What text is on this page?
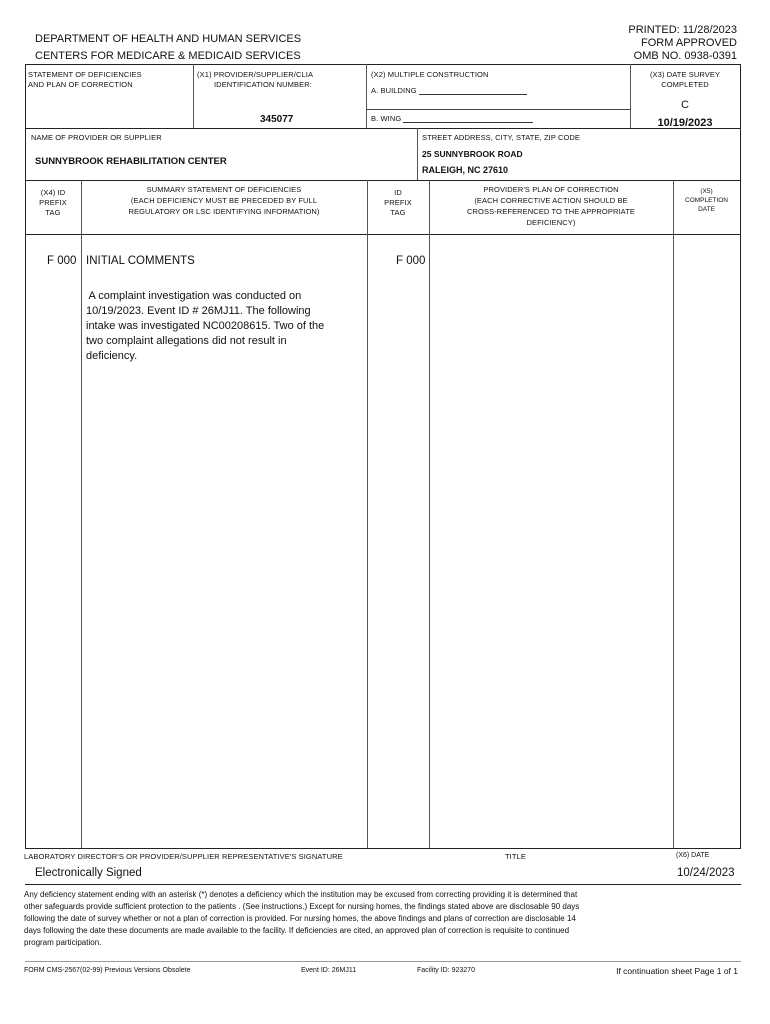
DEPARTMENT OF HEALTH AND HUMAN SERVICES
CENTERS FOR MEDICARE & MEDICAID SERVICES
PRINTED: 11/28/2023
FORM APPROVED
OMB NO. 0938-0391
STATEMENT OF DEFICIENCIES
AND PLAN OF CORRECTION
(X1) PROVIDER/SUPPLIER/CLIA
IDENTIFICATION NUMBER:
345077
(X2) MULTIPLE CONSTRUCTION
A. BUILDING
B. WING
(X3) DATE SURVEY
COMPLETED
C
10/19/2023
NAME OF PROVIDER OR SUPPLIER
SUNNYBROOK REHABILITATION CENTER
STREET ADDRESS, CITY, STATE, ZIP CODE
25 SUNNYBROOK ROAD
RALEIGH, NC 27610
(X4) ID
PREFIX
TAG
SUMMARY STATEMENT OF DEFICIENCIES
(EACH DEFICIENCY MUST BE PRECEDED BY FULL
REGULATORY OR LSC IDENTIFYING INFORMATION)
ID
PREFIX
TAG
PROVIDER'S PLAN OF CORRECTION
(EACH CORRECTIVE ACTION SHOULD BE
CROSS-REFERENCED TO THE APPROPRIATE
DEFICIENCY)
(X5)
COMPLETION
DATE
F 000 INITIAL COMMENTS	F 000
A complaint investigation was conducted on
10/19/2023. Event ID # 26MJ11. The following
intake was investigated NC00208615. Two of the
two complaint allegations did not result in
deficiency.
LABORATORY DIRECTOR'S OR PROVIDER/SUPPLIER REPRESENTATIVE'S SIGNATURE
Electronically Signed
TITLE	(X6) DATE
10/24/2023
Any deficiency statement ending with an asterisk (*) denotes a deficiency which the institution may be excused from correcting providing it is determined that
other safeguards provide sufficient protection to the patients . (See instructions.) Except for nursing homes, the findings stated above are disclosable 90 days
following the date of survey whether or not a plan of correction is provided. For nursing homes, the above findings and plans of correction are disclosable 14
days following the date these documents are made available to the facility. If deficiencies are cited, an approved plan of correction is requisite to continued
program participation.
FORM CMS-2567(02-99) Previous Versions Obsolete	Event ID: 26MJ11	Facility ID: 923270	If continuation sheet Page 1 of 1
